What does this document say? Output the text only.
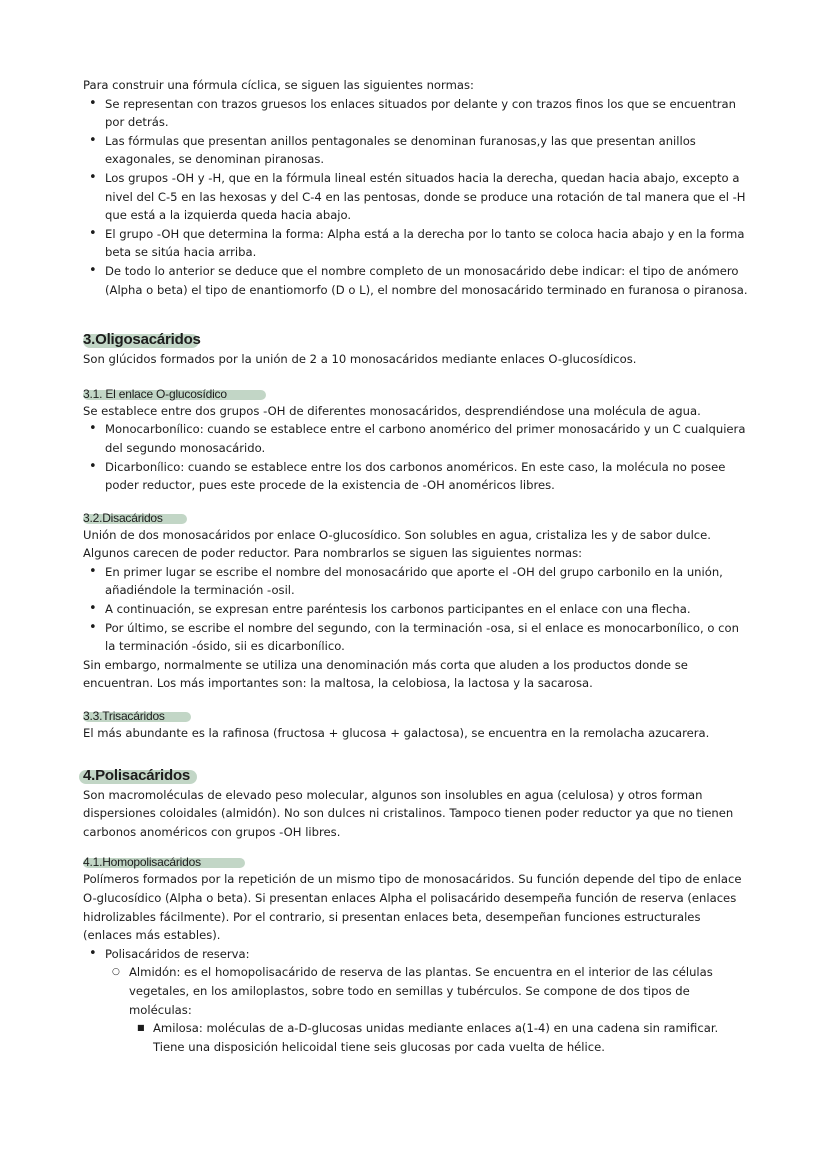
Para construir una fórmula cíclica, se siguen las siguientes normas:

• Se representan con trazos gruesos los enlaces situados por delante y con trazos finos los que se encuentran por detrás.
• Las fórmulas que presentan anillos pentagonales se denominan furanosas,y las que presentan anillos exagonales, se denominan piranosas.
• Los grupos -OH y -H, que en la fórmula lineal estén situados hacia la derecha, quedan hacia abajo, excepto a nivel del C-5 en las hexosas y del C-4 en las pentosas, donde se produce una rotación de tal manera que el -H que está a la izquierda queda hacia abajo.
• El grupo -OH que determina la forma: Alpha está a la derecha por lo tanto se coloca hacia abajo y en la forma beta se sitúa hacia arriba.
• De todo lo anterior se deduce que el nombre completo de un monosacárido debe indicar: el tipo de anómero (Alpha o beta) el tipo de enantiomorfo (D o L), el nombre del monosacárido terminado en furanosa o piranosa.
3.Oligosacáridos

Son glúcidos formados por la unión de 2 a 10 monosacáridos mediante enlaces O-glucosídicos.

3.1. El enlace O-glucosídico

Se establece entre dos grupos -OH de diferentes monosacáridos, desprendiéndose una molécula de agua.

• Monocarbonílico: cuando se establece entre el carbono anomérico del primer monosacárido y un C cualquiera del segundo monosacárido.
• Dicarbonílico: cuando se establece entre los dos carbonos anoméricos. En este caso, la molécula no posee poder reductor, pues este procede de la existencia de -OH anoméricos libres.
3.2.Disacáridos

Unión de dos monosacáridos por enlace O-glucosídico. Son solubles en agua, cristaliza les y de sabor dulce. Algunos carecen de poder reductor. Para nombrarlos se siguen las siguientes normas:

• En primer lugar se escribe el nombre del monosacárido que aporte el -OH del grupo carbonilo en la unión, añadiéndole la terminación -osil.
• A continuación, se expresan entre paréntesis los carbonos participantes en el enlace con una flecha.
• Por último, se escribe el nombre del segundo, con la terminación -osa, si el enlace es monocarbonílico, o con la terminación -ósido, sii es dicarbonílico.

Sin embargo, normalmente se utiliza una denominación más corta que aluden a los productos donde se encuentran. Los más importantes son: la maltosa, la celobiosa, la lactosa y la sacarosa.

3.3.Trisacáridos

El más abundante es la rafinosa (fructosa + glucosa + galactosa), se encuentra en la remolacha azucarera.

4.Polisacáridos

Son macromoléculas de elevado peso molecular, algunos son insolubles en agua (celulosa) y otros forman dispersiones coloidales (almidón). No son dulces ni cristalinos. Tampoco tienen poder reductor ya que no tienen carbonos anoméricos con grupos -OH libres.

4.1.Homopolisacáridos

Polímeros formados por la repetición de un mismo tipo de monosacáridos. Su función depende del tipo de enlace O-glucosídico (Alpha o beta). Si presentan enlaces Alpha el polisacárido desempeña función de reserva (enlaces hidrolizables fácilmente). Por el contrario, si presentan enlaces beta, desempeñan funciones estructurales (enlaces más estables).

• Polisacáridos de reserva:
○ Almidón: es el homopolisacárido de reserva de las plantas. Se encuentra en el interior de las células vegetales, en los amiloplastos, sobre todo en semillas y tubérculos. Se compone de dos tipos de moléculas:
■ Amilosa: moléculas de a-D-glucosas unidas mediante enlaces a(1-4) en una cadena sin ramificar. Tiene una disposición helicoidal tiene seis glucosas por cada vuelta de hélice.
